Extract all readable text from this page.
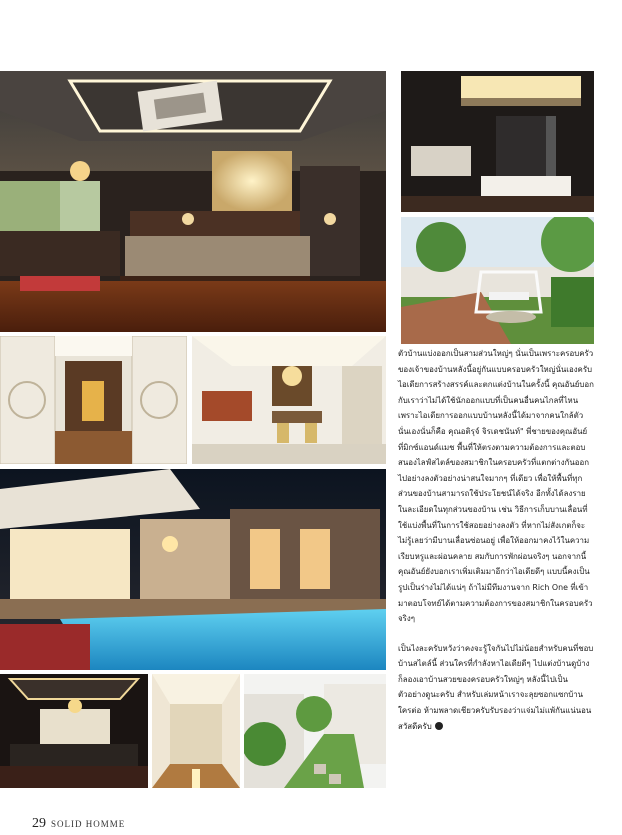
ตัวบ้านแบ่งออกเป็นสามส่วนใหญ่ๆ นั่นเป็นเพราะครอบครัวของเจ้าของบ้านหลังนี้อยู่กันแบบครอบครัวใหญ่นั่นเองครับ ไอเดียการสร้างสรรค์และตกแต่งบ้านในครั้งนี้ คุณอันย์บอกกับเราว่าไม่ได้ใช้นักออกแบบที่เป็นคนอื่นคนไกลที่ไหน เพราะไอเดียการออกแบบบ้านหลังนี้ได้มาจากคนใกล้ตัวนั่นเองนั่นก็คือ คุณอติรุจ์ จิรเดชนันท์" พี่ชายของคุณอันย์ ที่มิกซ์แอนด์แมช พื้นที่ให้ตรงตามความต้องการและตอบสนองไลฟ์สไตล์ของสมาชิกในครอบครัวที่แตกต่างกันออกไปอย่างลงตัวอย่างน่าสนใจมากๆ ที่เดียว เพื่อให้พื้นที่ทุกส่วนของบ้านสามารถใช้ประโยชน์ได้จริง อีกทั้งได้ลงรายในละเอียดในทุกส่วนของบ้าน เช่น วิธีการเก็บบานเลื่อนที่ใช้แบ่งพื้นที่ในการใช้สอยอย่างลงตัว ที่หากไม่สังเกตก็จะไม่รู้เลยว่ามีบานเลื่อนซ่อนอยู่ เพื่อให้ออกมาคงไว้ในความเรียบหรูและผ่อนคลาย สมกับการพักผ่อนจริงๆ นอกจากนี้คุณอันย์ยังบอกเราเพิ่มเติมมาอีกว่าไอเดียดีๆ แบบนี้คงเป็นรูปเป็นร่างไม่ได้แน่ๆ ถ้าไม่มีทีมงานจาก Rich One ที่เข้ามาตอบโจทย์ได้ตามความต้องการของสมาชิกในครอบครัวจริงๆ

เป็นไงละครับหวังว่าคงจะรู้ใจกันไปไม่น้อยสำหรับคนที่ชอบบ้านสไตล์นี้ ส่วนใครที่กำลังหาไอเดียดีๆ ไปแต่งบ้านดูบ้างก็ลองเอาบ้านสวยของครอบครัวใหญ่ๆ หลังนี้ไปเป็นตัวอย่างดูนะครับ สำหรับเล่มหน้าเราจะลุยซอกแซกบ้านใครต่อ ห้ามพลาดเชียวครับรับรองว่าแจ่มไม่แพ้กันแน่นอนสวัสดีครับ

29 SOLID HOMME
